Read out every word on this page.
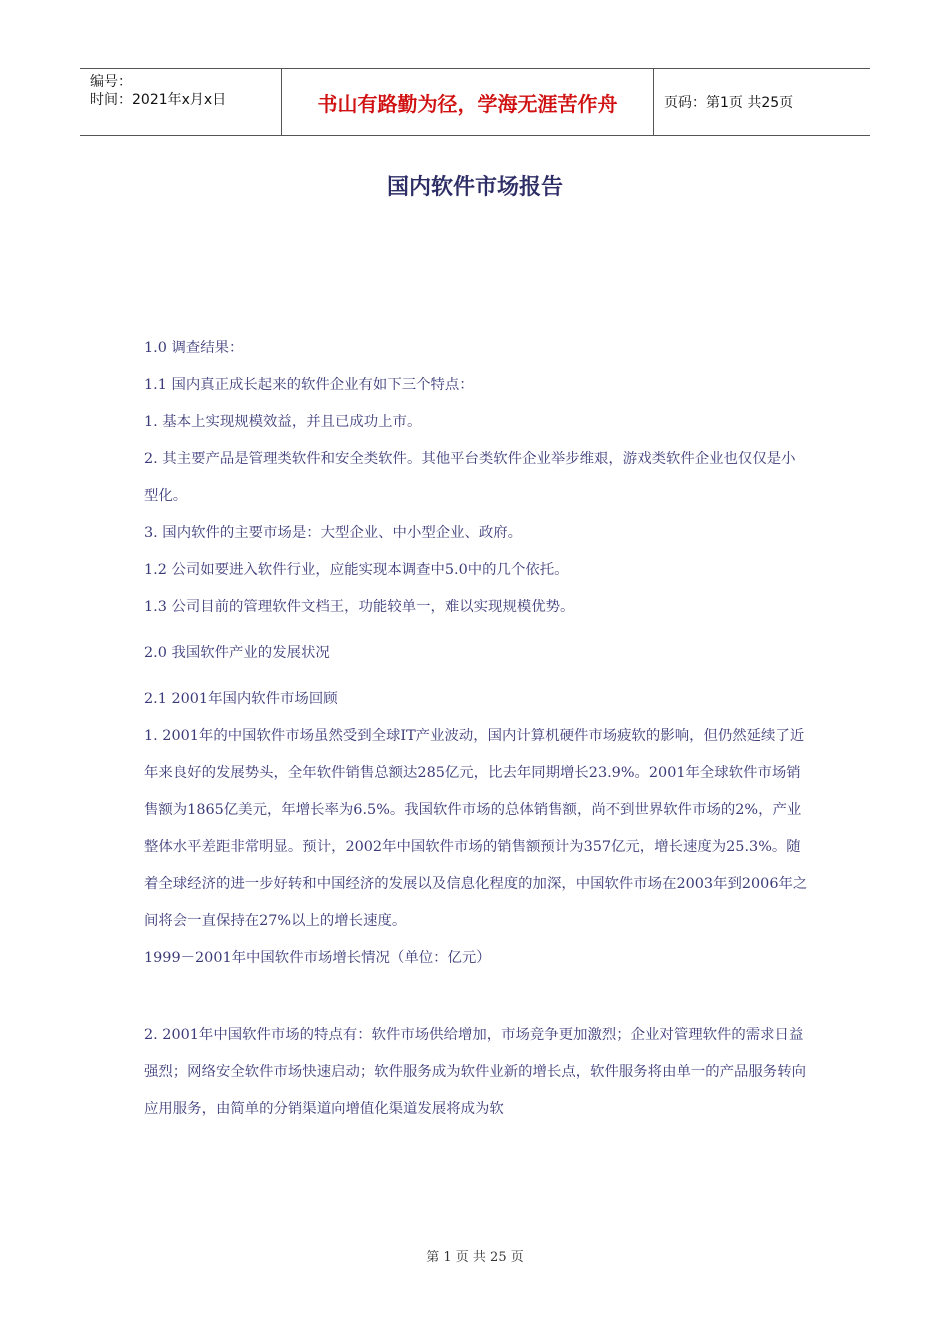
编号：
时间：2021年x月x日	书山有路勤为径，学海无涯苦作舟	页码：第1页 共25页
国内软件市场报告

1.0 调查结果：

1.1 国内真正成长起来的软件企业有如下三个特点：

1. 基本上实现规模效益，并且已成功上市。

2. 其主要产品是管理类软件和安全类软件。其他平台类软件企业举步维艰，游戏类软件企业也仅仅是小型化。

3. 国内软件的主要市场是：大型企业、中小型企业、政府。

1.2 公司如要进入软件行业，应能实现本调查中5.0中的几个依托。

1.3 公司目前的管理软件文档王，功能较单一，难以实现规模优势。

2.0 我国软件产业的发展状况

2.1 2001年国内软件市场回顾

1. 2001年的中国软件市场虽然受到全球IT产业波动，国内计算机硬件市场疲软的影响，但仍然延续了近年来良好的发展势头，全年软件销售总额达285亿元，比去年同期增长23.9%。2001年全球软件市场销售额为1865亿美元，年增长率为6.5%。我国软件市场的总体销售额，尚不到世界软件市场的2%，产业整体水平差距非常明显。预计，2002年中国软件市场的销售额预计为357亿元，增长速度为25.3%。随着全球经济的进一步好转和中国经济的发展以及信息化程度的加深，中国软件市场在2003年到2006年之间将会一直保持在27%以上的增长速度。

1999－2001年中国软件市场增长情况（单位：亿元）

2. 2001年中国软件市场的特点有：软件市场供给增加，市场竞争更加激烈；企业对管理软件的需求日益强烈；网络安全软件市场快速启动；软件服务成为软件业新的增长点，软件服务将由单一的产品服务转向应用服务，由简单的分销渠道向增值化渠道发展将成为软

第 1 页 共 25 页
